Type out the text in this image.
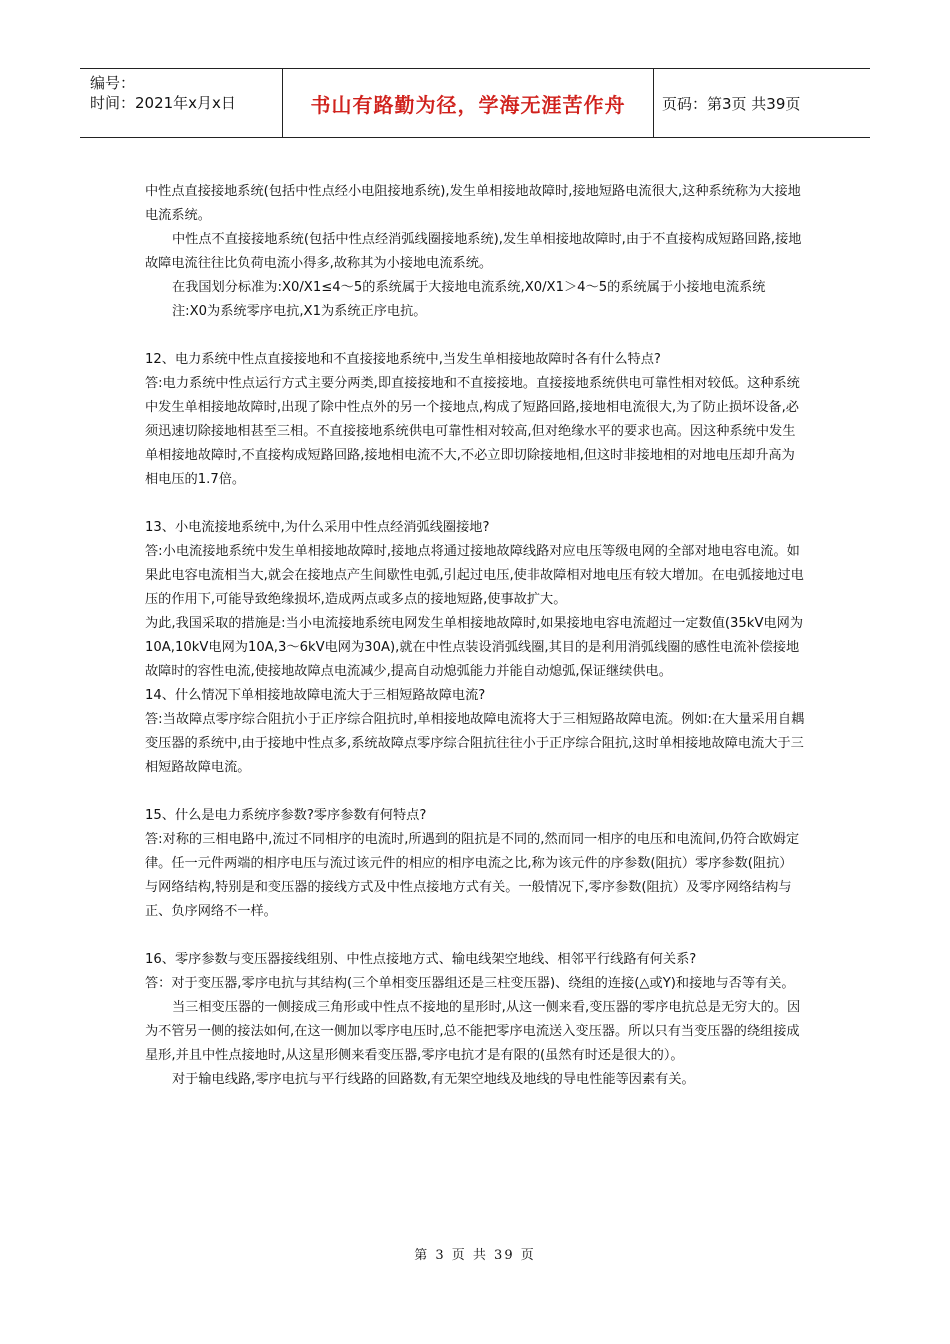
编号：
时间：2021年x月x日	书山有路勤为径，学海无涯苦作舟	页码：第3页 共39页

中性点直接接地系统(包括中性点经小电阻接地系统),发生单相接地故障时,接地短路电流很大,这种系统称为大接地电流系统。

中性点不直接接地系统(包括中性点经消弧线圈接地系统),发生单相接地故障时,由于不直接构成短路回路,接地故障电流往往比负荷电流小得多,故称其为小接地电流系统。

在我国划分标准为:X0/X1≤4～5的系统属于大接地电流系统,X0/X1＞4～5的系统属于小接地电流系统

注:X0为系统零序电抗,X1为系统正序电抗。

12、电力系统中性点直接接地和不直接接地系统中,当发生单相接地故障时各有什么特点?

答:电力系统中性点运行方式主要分两类,即直接接地和不直接接地。直接接地系统供电可靠性相对较低。这种系统中发生单相接地故障时,出现了除中性点外的另一个接地点,构成了短路回路,接地相电流很大,为了防止损坏设备,必须迅速切除接地相甚至三相。不直接接地系统供电可靠性相对较高,但对绝缘水平的要求也高。因这种系统中发生单相接地故障时,不直接构成短路回路,接地相电流不大,不必立即切除接地相,但这时非接地相的对地电压却升高为相电压的1.7倍。

13、小电流接地系统中,为什么采用中性点经消弧线圈接地?

答:小电流接地系统中发生单相接地故障时,接地点将通过接地故障线路对应电压等级电网的全部对地电容电流。如果此电容电流相当大,就会在接地点产生间歇性电弧,引起过电压,使非故障相对地电压有较大增加。在电弧接地过电压的作用下,可能导致绝缘损坏,造成两点或多点的接地短路,使事故扩大。

为此,我国采取的措施是:当小电流接地系统电网发生单相接地故障时,如果接地电容电流超过一定数值(35kV电网为10A,10kV电网为10A,3～6kV电网为30A),就在中性点装设消弧线圈,其目的是利用消弧线圈的感性电流补偿接地故障时的容性电流,使接地故障点电流减少,提高自动熄弧能力并能自动熄弧,保证继续供电。

14、什么情况下单相接地故障电流大于三相短路故障电流?

答:当故障点零序综合阻抗小于正序综合阻抗时,单相接地故障电流将大于三相短路故障电流。例如:在大量采用自耦变压器的系统中,由于接地中性点多,系统故障点零序综合阻抗往往小于正序综合阻抗,这时单相接地故障电流大于三相短路故障电流。

15、什么是电力系统序参数?零序参数有何特点?

答:对称的三相电路中,流过不同相序的电流时,所遇到的阻抗是不同的,然而同一相序的电压和电流间,仍符合欧姆定律。任一元件两端的相序电压与流过该元件的相应的相序电流之比,称为该元件的序参数(阻抗）零序参数(阻抗）与网络结构,特别是和变压器的接线方式及中性点接地方式有关。一般情况下,零序参数(阻抗）及零序网络结构与正、负序网络不一样。

16、零序参数与变压器接线组别、中性点接地方式、输电线架空地线、相邻平行线路有何关系?

答：对于变压器,零序电抗与其结构(三个单相变压器组还是三柱变压器)、绕组的连接(△或Y)和接地与否等有关。

当三相变压器的一侧接成三角形或中性点不接地的星形时,从这一侧来看,变压器的零序电抗总是无穷大的。因为不管另一侧的接法如何,在这一侧加以零序电压时,总不能把零序电流送入变压器。所以只有当变压器的绕组接成星形,并且中性点接地时,从这星形侧来看变压器,零序电抗才是有限的(虽然有时还是很大的）。

对于输电线路,零序电抗与平行线路的回路数,有无架空地线及地线的导电性能等因素有关。

第 3 页 共 39 页
